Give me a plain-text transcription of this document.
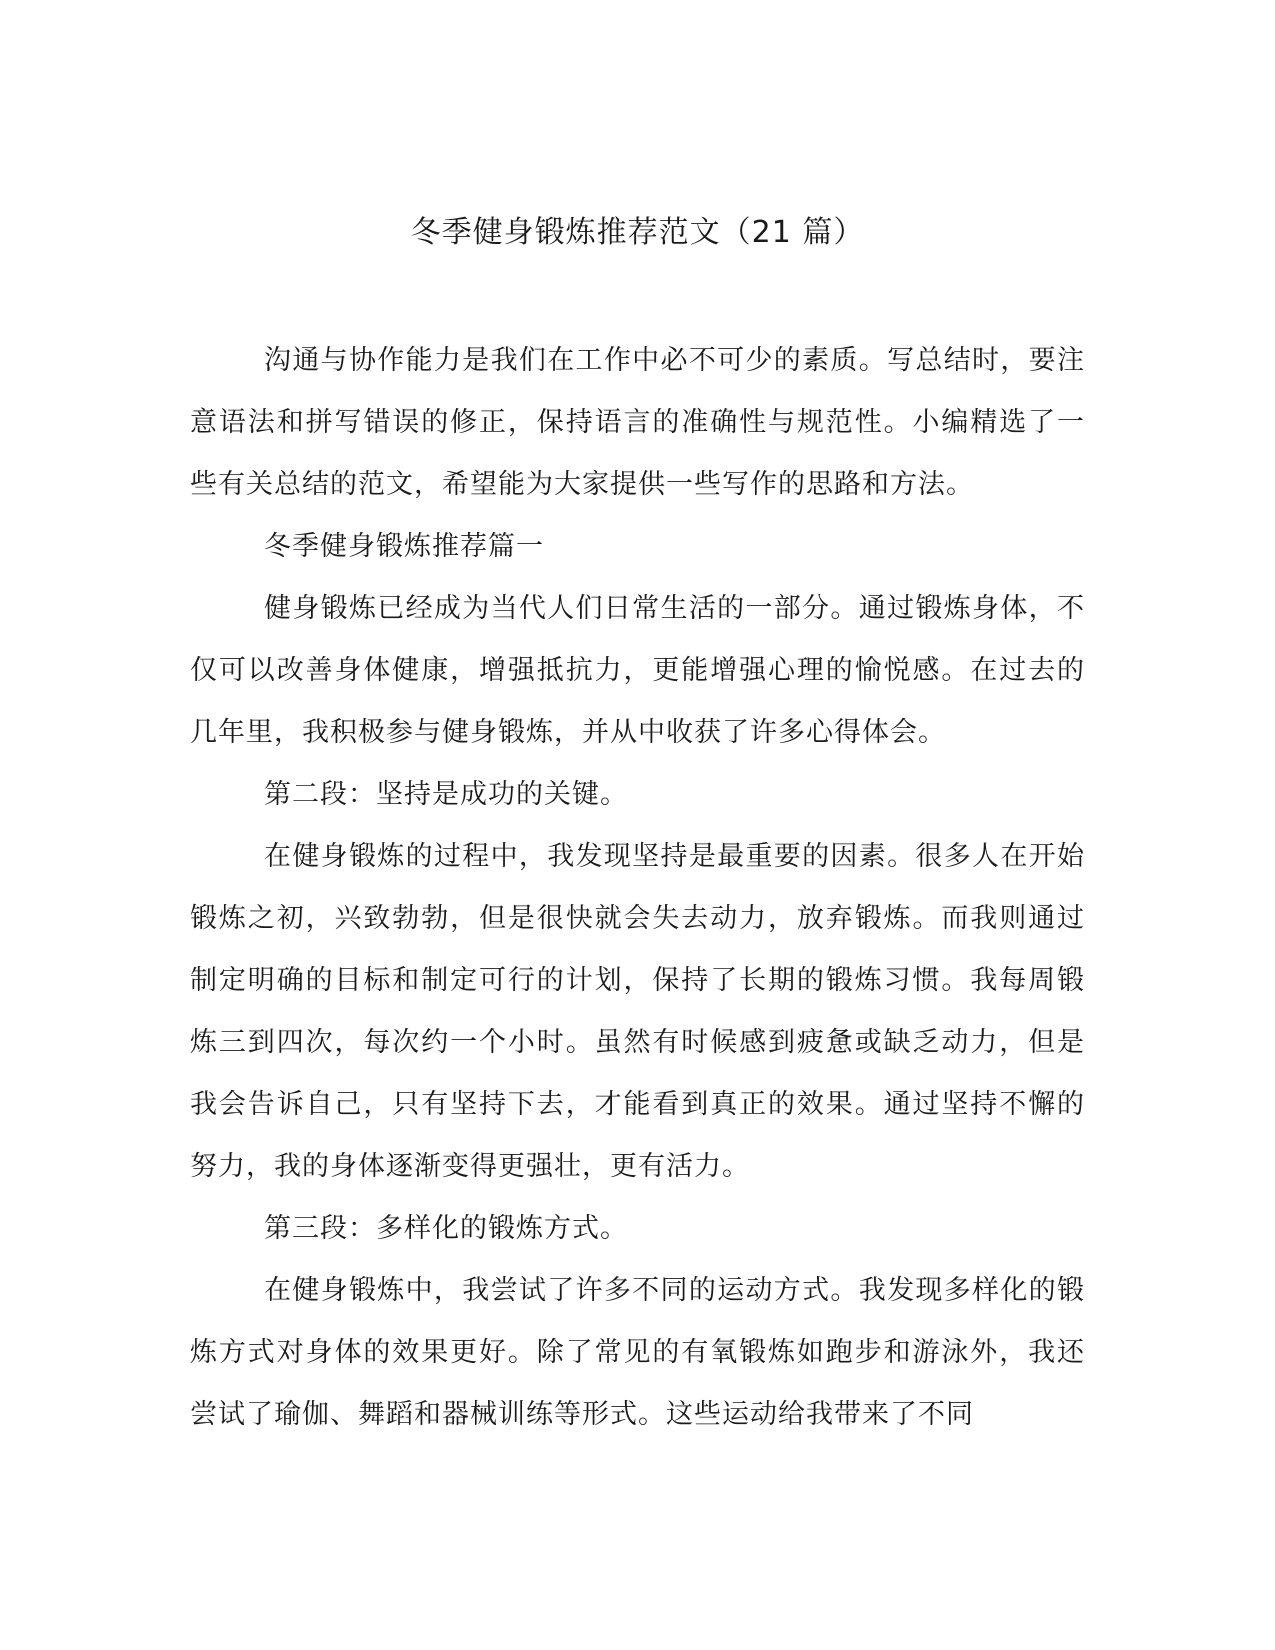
冬季健身锻炼推荐范文（21 篇）

沟通与协作能力是我们在工作中必不可少的素质。写总结时，要注意语法和拼写错误的修正，保持语言的准确性与规范性。小编精选了一些有关总结的范文，希望能为大家提供一些写作的思路和方法。

冬季健身锻炼推荐篇一

健身锻炼已经成为当代人们日常生活的一部分。通过锻炼身体，不仅可以改善身体健康，增强抵抗力，更能增强心理的愉悦感。在过去的几年里，我积极参与健身锻炼，并从中收获了许多心得体会。

第二段：坚持是成功的关键。

在健身锻炼的过程中，我发现坚持是最重要的因素。很多人在开始锻炼之初，兴致勃勃，但是很快就会失去动力，放弃锻炼。而我则通过制定明确的目标和制定可行的计划，保持了长期的锻炼习惯。我每周锻炼三到四次，每次约一个小时。虽然有时候感到疲惫或缺乏动力，但是我会告诉自己，只有坚持下去，才能看到真正的效果。通过坚持不懈的努力，我的身体逐渐变得更强壮，更有活力。

第三段：多样化的锻炼方式。

在健身锻炼中，我尝试了许多不同的运动方式。我发现多样化的锻炼方式对身体的效果更好。除了常见的有氧锻炼如跑步和游泳外，我还尝试了瑜伽、舞蹈和器械训练等形式。这些运动给我带来了不同
